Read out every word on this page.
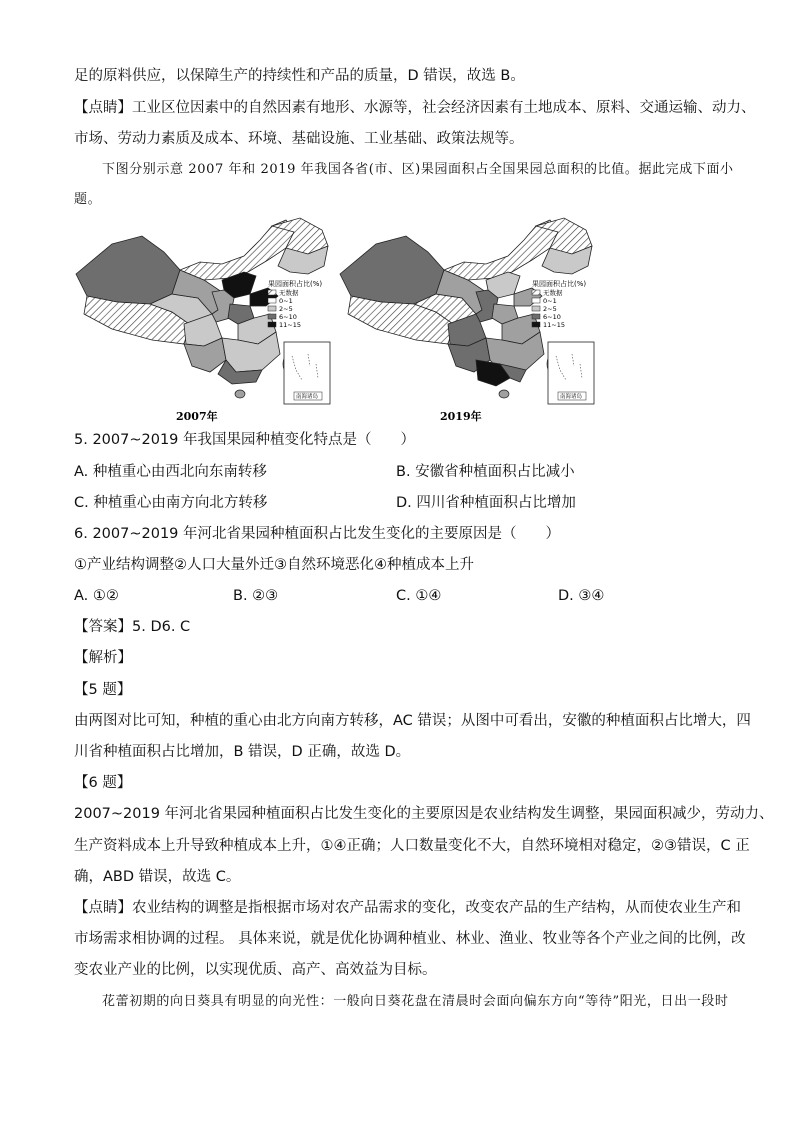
足的原料供应，以保障生产的持续性和产品的质量，D 错误，故选 B。
【点睛】工业区位因素中的自然因素有地形、水源等，社会经济因素有土地成本、原料、交通运输、动力、
市场、劳动力素质及成本、环境、基础设施、工业基础、政策法规等。
下图分别示意 2007 年和 2019 年我国各省(市、区)果园面积占全国果园总面积的比值。据此完成下面小
题。
果园面积占比(%)
无数据
0~1
2~5
6~10
11~15
南海诸岛
2007年
果园面积占比(%)
无数据
0~1
2~5
6~10
11~15
南海诸岛
2019年
5. 2007~2019 年我国果园种植变化特点是（　　）
A. 种植重心由西北向东南转移	B. 安徽省种植面积占比减小
C. 种植重心由南方向北方转移	D. 四川省种植面积占比增加
6. 2007~2019 年河北省果园种植面积占比发生变化的主要原因是（　　）
①产业结构调整②人口大量外迁③自然环境恶化④种植成本上升
A. ①②	B. ②③	C. ①④	D. ③④
【答案】5. D6. C
【解析】
【5 题】
由两图对比可知，种植的重心由北方向南方转移，AC 错误；从图中可看出，安徽的种植面积占比增大，四
川省种植面积占比增加，B 错误，D 正确，故选 D。
【6 题】
2007~2019 年河北省果园种植面积占比发生变化的主要原因是农业结构发生调整，果园面积减少，劳动力、
生产资料成本上升导致种植成本上升，①④正确；人口数量变化不大，自然环境相对稳定，②③错误，C 正
确，ABD 错误，故选 C。
【点睛】农业结构的调整是指根据市场对农产品需求的变化，改变农产品的生产结构，从而使农业生产和
市场需求相协调的过程。 具体来说，就是优化协调种植业、林业、渔业、牧业等各个产业之间的比例，改
变农业产业的比例，以实现优质、高产、高效益为目标。
花蕾初期的向日葵具有明显的向光性：一般向日葵花盘在清晨时会面向偏东方向“等待”阳光，日出一段时
